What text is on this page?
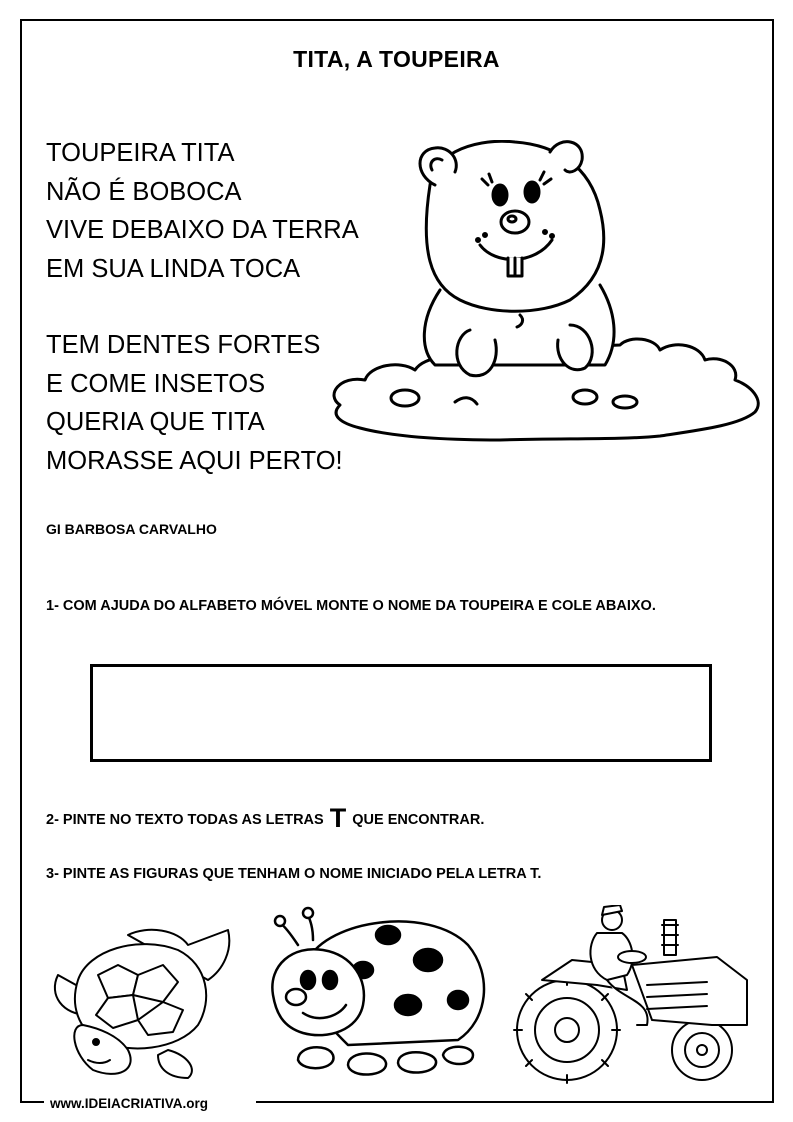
TITA, A TOUPEIRA
TOUPEIRA TITA
NÃO É BOBOCA
VIVE DEBAIXO DA TERRA
EM SUA LINDA TOCA
TEM DENTES FORTES
E COME INSETOS
QUERIA QUE TITA
MORASSE AQUI PERTO!
GI BARBOSA CARVALHO
1- COM AJUDA DO ALFABETO MÓVEL MONTE O NOME DA TOUPEIRA E COLE ABAIXO.
2- PINTE NO TEXTO TODAS AS LETRAS T QUE ENCONTRAR.
3- PINTE AS FIGURAS QUE TENHAM O NOME INICIADO PELA LETRA T.
www.IDEIACRIATIVA.org
